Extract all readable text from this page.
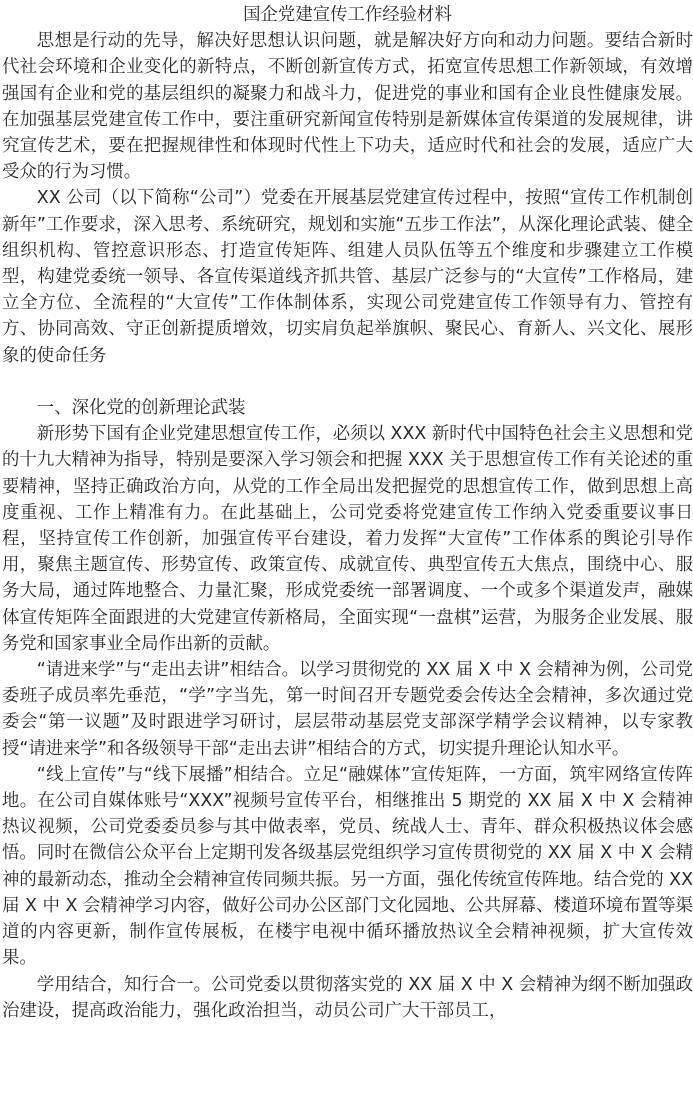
国企党建宣传工作经验材料

思想是行动的先导，解决好思想认识问题，就是解决好方向和动力问题。要结合新时代社会环境和企业变化的新特点，不断创新宣传方式，拓宽宣传思想工作新领域，有效增强国有企业和党的基层组织的凝聚力和战斗力，促进党的事业和国有企业良性健康发展。在加强基层党建宣传工作中，要注重研究新闻宣传特别是新媒体宣传渠道的发展规律，讲究宣传艺术，要在把握规律性和体现时代性上下功夫，适应时代和社会的发展，适应广大受众的行为习惯。

XX 公司（以下简称“公司”）党委在开展基层党建宣传过程中，按照“宣传工作机制创新年”工作要求，深入思考、系统研究，规划和实施“五步工作法”，从深化理论武装、健全组织机构、管控意识形态、打造宣传矩阵、组建人员队伍等五个维度和步骤建立工作模型，构建党委统一领导、各宣传渠道线齐抓共管、基层广泛参与的“大宣传”工作格局，建立全方位、全流程的“大宣传”工作体制体系，实现公司党建宣传工作领导有力、管控有方、协同高效、守正创新提质增效，切实肩负起举旗帜、聚民心、育新人、兴文化、展形象的使命任务

一、深化党的创新理论武装

新形势下国有企业党建思想宣传工作，必须以 XXX 新时代中国特色社会主义思想和党的十九大精神为指导，特别是要深入学习领会和把握 XXX 关于思想宣传工作有关论述的重要精神，坚持正确政治方向，从党的工作全局出发把握党的思想宣传工作，做到思想上高度重视、工作上精准有力。在此基础上，公司党委将党建宣传工作纳入党委重要议事日程，坚持宣传工作创新，加强宣传平台建设，着力发挥“大宣传”工作体系的舆论引导作用，聚焦主题宣传、形势宣传、政策宣传、成就宣传、典型宣传五大焦点，围绕中心、服务大局，通过阵地整合、力量汇聚，形成党委统一部署调度、一个或多个渠道发声，融媒体宣传矩阵全面跟进的大党建宣传新格局，全面实现“一盘棋”运营，为服务企业发展、服务党和国家事业全局作出新的贡献。

“请进来学”与“走出去讲”相结合。以学习贯彻党的 XX 届 X 中 X 会精神为例，公司党委班子成员率先垂范，“学”字当先，第一时间召开专题党委会传达全会精神，多次通过党委会“第一议题”及时跟进学习研讨，层层带动基层党支部深学精学会议精神，以专家教授“请进来学”和各级领导干部“走出去讲”相结合的方式，切实提升理论认知水平。

“线上宣传”与“线下展播”相结合。立足“融媒体”宣传矩阵，一方面，筑牢网络宣传阵地。在公司自媒体账号“XXX”视频号宣传平台，相继推出 5 期党的 XX 届 X 中 X 会精神热议视频，公司党委委员参与其中做表率，党员、统战人士、青年、群众积极热议体会感悟。同时在微信公众平台上定期刊发各级基层党组织学习宣传贯彻党的 XX 届 X 中 X 会精神的最新动态，推动全会精神宣传同频共振。另一方面，强化传统宣传阵地。结合党的 XX 届 X 中 X 会精神学习内容，做好公司办公区部门文化园地、公共屏幕、楼道环境布置等渠道的内容更新，制作宣传展板，在楼宇电视中循环播放热议全会精神视频，扩大宣传效果。

学用结合，知行合一。公司党委以贯彻落实党的 XX 届 X 中 X 会精神为纲不断加强政治建设，提高政治能力，强化政治担当，动员公司广大干部员工，
